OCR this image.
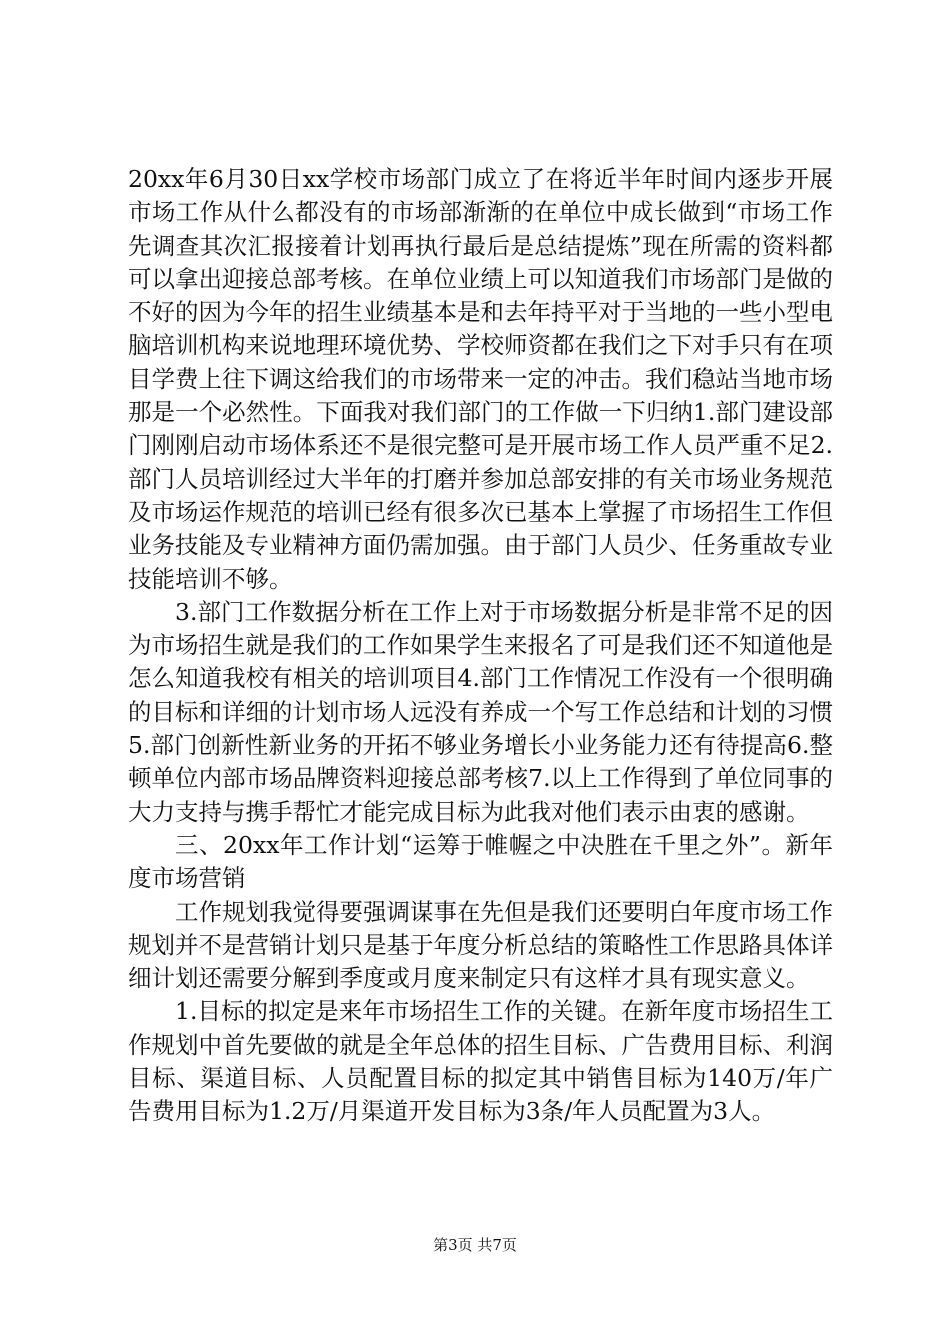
20xx年6月30日xx学校市场部门成立了在将近半年时间内逐步开展市场工作从什么都没有的市场部渐渐的在单位中成长做到“市场工作先调查其次汇报接着计划再执行最后是总结提炼”现在所需的资料都可以拿出迎接总部考核。在单位业绩上可以知道我们市场部门是做的不好的因为今年的招生业绩基本是和去年持平对于当地的一些小型电脑培训机构来说地理环境优势、学校师资都在我们之下对手只有在项目学费上往下调这给我们的市场带来一定的冲击。我们稳站当地市场那是一个必然性。下面我对我们部门的工作做一下归纳1.部门建设部门刚刚启动市场体系还不是很完整可是开展市场工作人员严重不足2.部门人员培训经过大半年的打磨并参加总部安排的有关市场业务规范及市场运作规范的培训已经有很多次已基本上掌握了市场招生工作但业务技能及专业精神方面仍需加强。由于部门人员少、任务重故专业技能培训不够。

3.部门工作数据分析在工作上对于市场数据分析是非常不足的因为市场招生就是我们的工作如果学生来报名了可是我们还不知道他是怎么知道我校有相关的培训项目4.部门工作情况工作没有一个很明确的目标和详细的计划市场人远没有养成一个写工作总结和计划的习惯5.部门创新性新业务的开拓不够业务增长小业务能力还有待提高6.整顿单位内部市场品牌资料迎接总部考核7.以上工作得到了单位同事的大力支持与携手帮忙才能完成目标为此我对他们表示由衷的感谢。

三、20xx年工作计划“运筹于帷幄之中决胜在千里之外”。新年度市场营销

工作规划我觉得要强调谋事在先但是我们还要明白年度市场工作规划并不是营销计划只是基于年度分析总结的策略性工作思路具体详细计划还需要分解到季度或月度来制定只有这样才具有现实意义。

1.目标的拟定是来年市场招生工作的关键。在新年度市场招生工作规划中首先要做的就是全年总体的招生目标、广告费用目标、利润目标、渠道目标、人员配置目标的拟定其中销售目标为140万/年广告费用目标为1.2万/月渠道开发目标为3条/年人员配置为3人。

第3页 共7页
